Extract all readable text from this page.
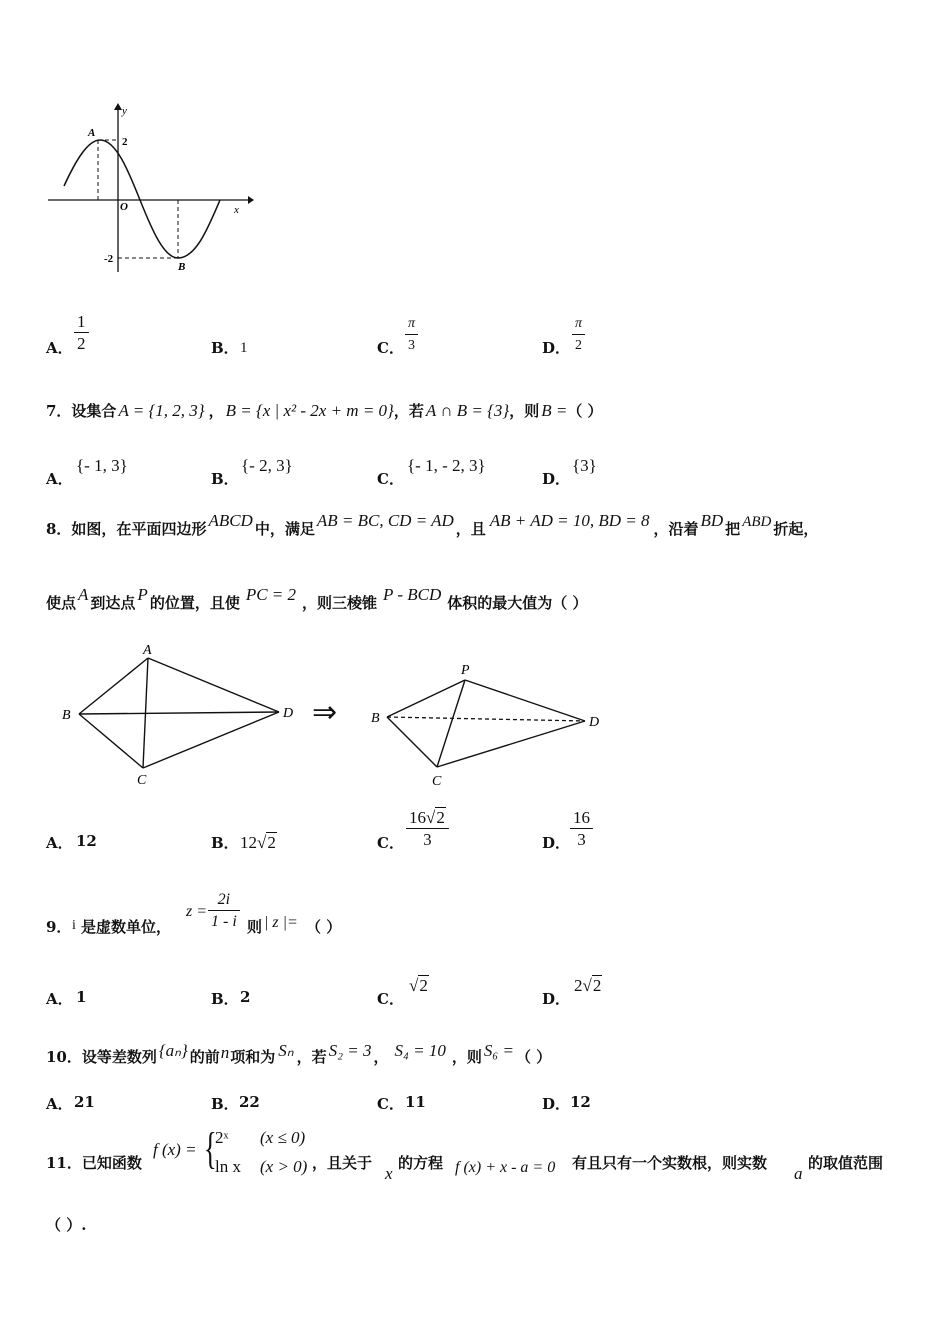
y
x
O
A
B
2
-2
A．
1
2	B． 1	C．
π
3	D．
π
2
7．设集合 A = {1, 2, 3} ， B = {x | x² - 2x + m = 0} ，若 A ∩ B = {3} ，则 B = （ ）
A．
{- 1, 3}
B．
{- 2, 3}
C．
{- 1, - 2, 3}
D．
{3}
8．如图，在平面四边形 ABCD 中，满足 AB = BC, CD = AD ，且 AB + AD = 10, BD = 8 ，沿着 BD 把 ABD 折起，
使点 A 到达点 P 的位置，且使 PC = 2 ，则三棱锥 P - BCD 体积的最大值为（ ）
A
B
C
D ⇒
P
B
C
D
A． 12	B． 12√2	C．
16√2
3	D．
16
3
9． i 是虚数单位，
z =
2i
1 - i 则 | z |= （ ）
A． 1	B． 2	C．
√2
D．
2√2
10．设等差数列 {aₙ} 的前 n 项和为 Sₙ ，若 S₂ = 3 ， S₄ = 10 ，则 S₆ = （ ）
A． 21	B． 22	C． 11	D． 12
11．已知函数
f (x) = {
2ˣ (x ≤ 0)
ln x (x > 0) ，且关于
x
的方程 f (x) + x - a = 0 有且只有一个实数根，则实数
a
的取值范围
（ ）.
